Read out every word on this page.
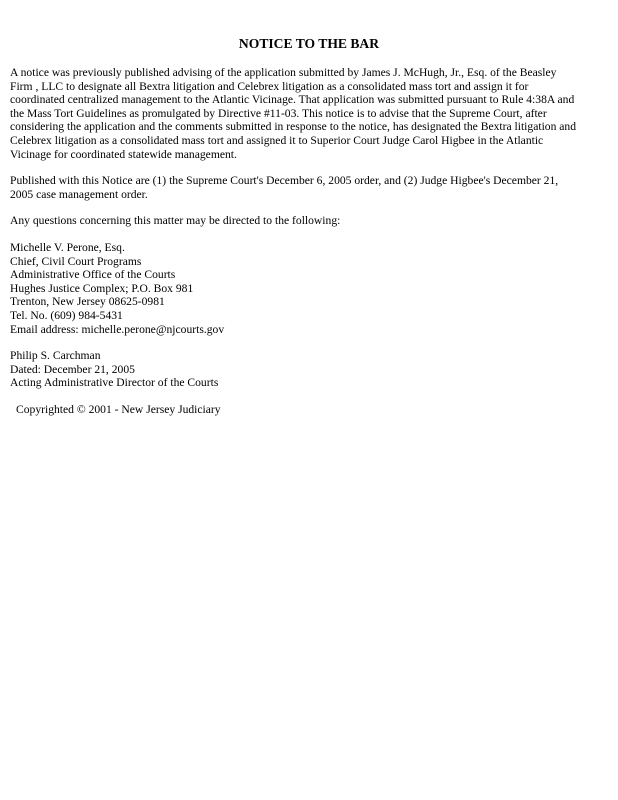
NOTICE TO THE BAR
A notice was previously published advising of the application submitted by James J. McHugh, Jr., Esq. of the Beasley
Firm , LLC to designate all Bextra litigation and Celebrex litigation as a consolidated mass tort and assign it for
coordinated centralized management to the Atlantic Vicinage. That application was submitted pursuant to Rule 4:38A and
the Mass Tort Guidelines as promulgated by Directive #11-03. This notice is to advise that the Supreme Court, after
considering the application and the comments submitted in response to the notice, has designated the Bextra litigation and
Celebrex litigation as a consolidated mass tort and assigned it to Superior Court Judge Carol Higbee in the Atlantic
Vicinage for coordinated statewide management.
Published with this Notice are (1) the Supreme Court's December 6, 2005 order, and (2) Judge Higbee's December 21,
2005 case management order.
Any questions concerning this matter may be directed to the following:
Michelle V. Perone, Esq.
Chief, Civil Court Programs
Administrative Office of the Courts
Hughes Justice Complex; P.O. Box 981
Trenton, New Jersey 08625-0981
Tel. No. (609) 984-5431
Email address: michelle.perone@njcourts.gov
Philip S. Carchman
Dated: December 21, 2005
Acting Administrative Director of the Courts
Copyrighted © 2001 - New Jersey Judiciary
